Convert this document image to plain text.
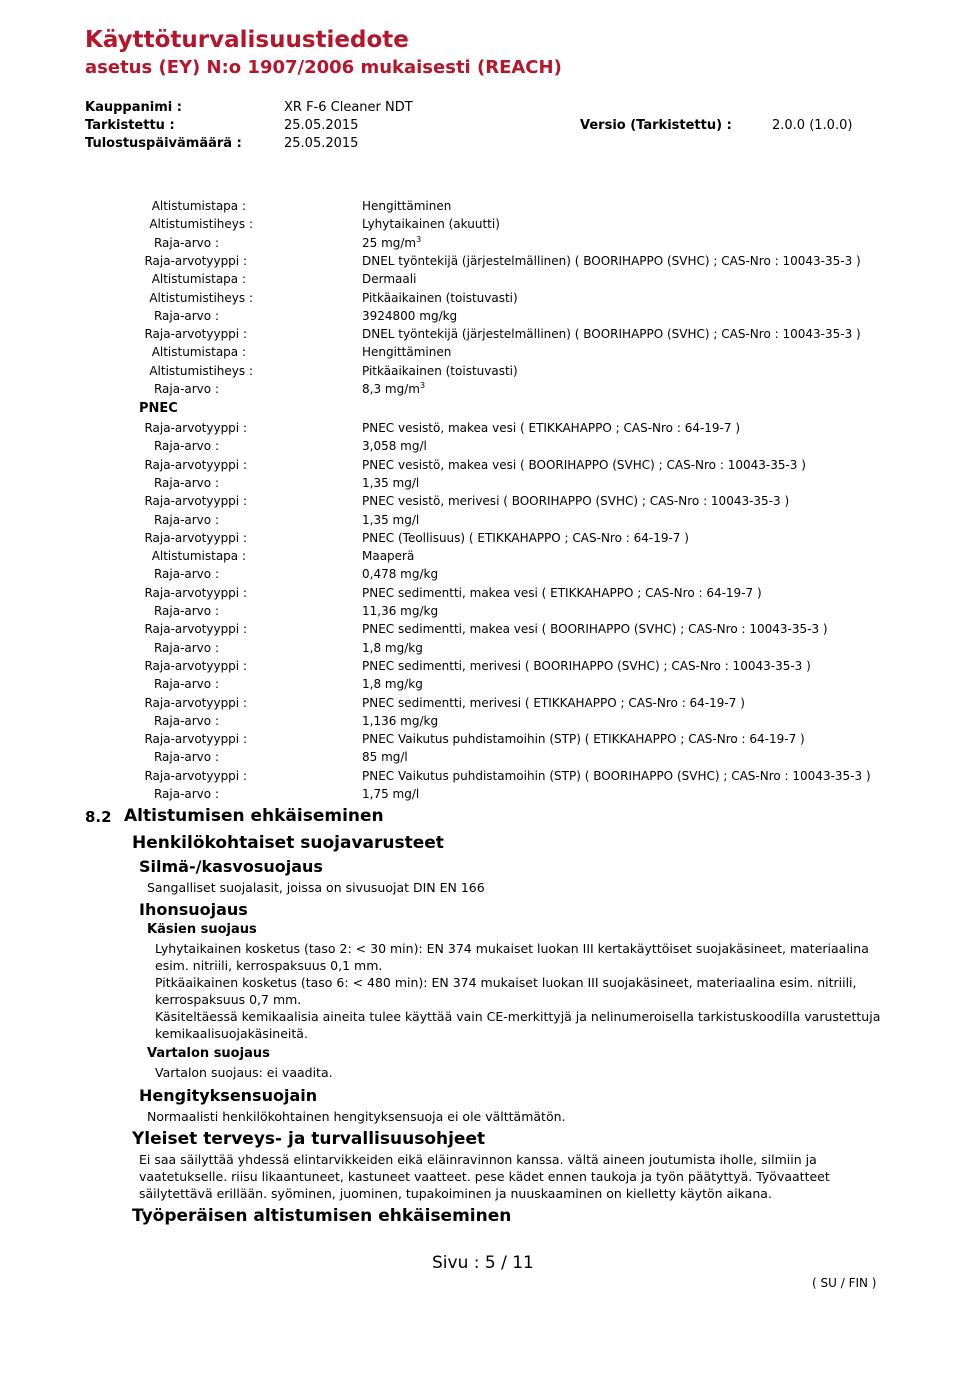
Käyttöturvalisuustiedote
asetus (EY) N:o 1907/2006 mukaisesti (REACH)
Kauppanimi :	XR F-6 Cleaner NDT
Tarkistettu :	25.05.2015	Versio (Tarkistettu) :	2.0.0 (1.0.0)
Tulostuspäivämäärä :	25.05.2015
Altistumistapa :	Hengittäminen
Altistumistiheys :	Lyhytaikainen (akuutti)
Raja-arvo :	25 $mg/m^3$
Raja-arvotyyppi :	DNEL työntekijä (järjestelmällinen) ( BOORIHAPPO (SVHC) ; CAS-Nro : 10043-35-3 )
Altistumistapa :	Dermaali
Altistumistiheys :	Pitkäaikainen (toistuvasti)
Raja-arvo :	3924800 mg/kg
Raja-arvotyyppi :	DNEL työntekijä (järjestelmällinen) ( BOORIHAPPO (SVHC) ; CAS-Nro : 10043-35-3 )
Altistumistapa :	Hengittäminen
Altistumistiheys :	Pitkäaikainen (toistuvasti)
Raja-arvo :	8,3 $mg/m^3$
PNEC
Raja-arvotyyppi :	PNEC vesistö, makea vesi ( ETIKKAHAPPO ; CAS-Nro : 64-19-7 )
Raja-arvo :	3,058 mg/l
Raja-arvotyyppi :	PNEC vesistö, makea vesi ( BOORIHAPPO (SVHC) ; CAS-Nro : 10043-35-3 )
Raja-arvo :	1,35 mg/l
Raja-arvotyyppi :	PNEC vesistö, merivesi ( BOORIHAPPO (SVHC) ; CAS-Nro : 10043-35-3 )
Raja-arvo :	1,35 mg/l
Raja-arvotyyppi :	PNEC (Teollisuus) ( ETIKKAHAPPO ; CAS-Nro : 64-19-7 )
Altistumistapa :	Maaperä
Raja-arvo :	0,478 mg/kg
Raja-arvotyyppi :	PNEC sedimentti, makea vesi ( ETIKKAHAPPO ; CAS-Nro : 64-19-7 )
Raja-arvo :	11,36 mg/kg
Raja-arvotyyppi :	PNEC sedimentti, makea vesi ( BOORIHAPPO (SVHC) ; CAS-Nro : 10043-35-3 )
Raja-arvo :	1,8 mg/kg
Raja-arvotyyppi :	PNEC sedimentti, merivesi ( BOORIHAPPO (SVHC) ; CAS-Nro : 10043-35-3 )
Raja-arvo :	1,8 mg/kg
Raja-arvotyyppi :	PNEC sedimentti, merivesi ( ETIKKAHAPPO ; CAS-Nro : 64-19-7 )
Raja-arvo :	1,136 mg/kg
Raja-arvotyyppi :	PNEC Vaikutus puhdistamoihin (STP) ( ETIKKAHAPPO ; CAS-Nro : 64-19-7 )
Raja-arvo :	85 mg/l
Raja-arvotyyppi :	PNEC Vaikutus puhdistamoihin (STP) ( BOORIHAPPO (SVHC) ; CAS-Nro : 10043-35-3 )
Raja-arvo :	1,75 mg/l
8.2 Altistumisen ehkäiseminen
Henkilökohtaiset suojavarusteet
Silmä-/kasvosuojaus
Sangalliset suojalasit, joissa on sivusuojat DIN EN 166
Ihonsuojaus
Käsien suojaus
Lyhytaikainen kosketus (taso 2: < 30 min): EN 374 mukaiset luokan III kertakäyttöiset suojakäsineet, materiaalina
esim. nitriili, kerrospaksuus 0,1 mm.
Pitkäaikainen kosketus (taso 6: < 480 min): EN 374 mukaiset luokan III suojakäsineet, materiaalina esim. nitriili,
kerrospaksuus 0,7 mm.
Käsiteltäessä kemikaalisia aineita tulee käyttää vain CE-merkittyjä ja nelinumeroisella tarkistuskoodilla varustettuja
kemikaalisuojakäsineitä.
Vartalon suojaus
Vartalon suojaus: ei vaadita.
Hengityksensuojain
Normaalisti henkilökohtainen hengityksensuoja ei ole välttämätön.
Yleiset terveys- ja turvallisuusohjeet
Ei saa säilyttää yhdessä elintarvikkeiden eikä eläinravinnon kanssa. vältä aineen joutumista iholle, silmiin ja
vaatetukselle. riisu likaantuneet, kastuneet vaatteet. pese kädet ennen taukoja ja työn päätyttyä. Työvaatteet
säilytettävä erillään. syöminen, juominen, tupakoiminen ja nuuskaaminen on kielletty käytön aikana.
Työperäisen altistumisen ehkäiseminen
Sivu : 5 / 11
( SU / FIN )
